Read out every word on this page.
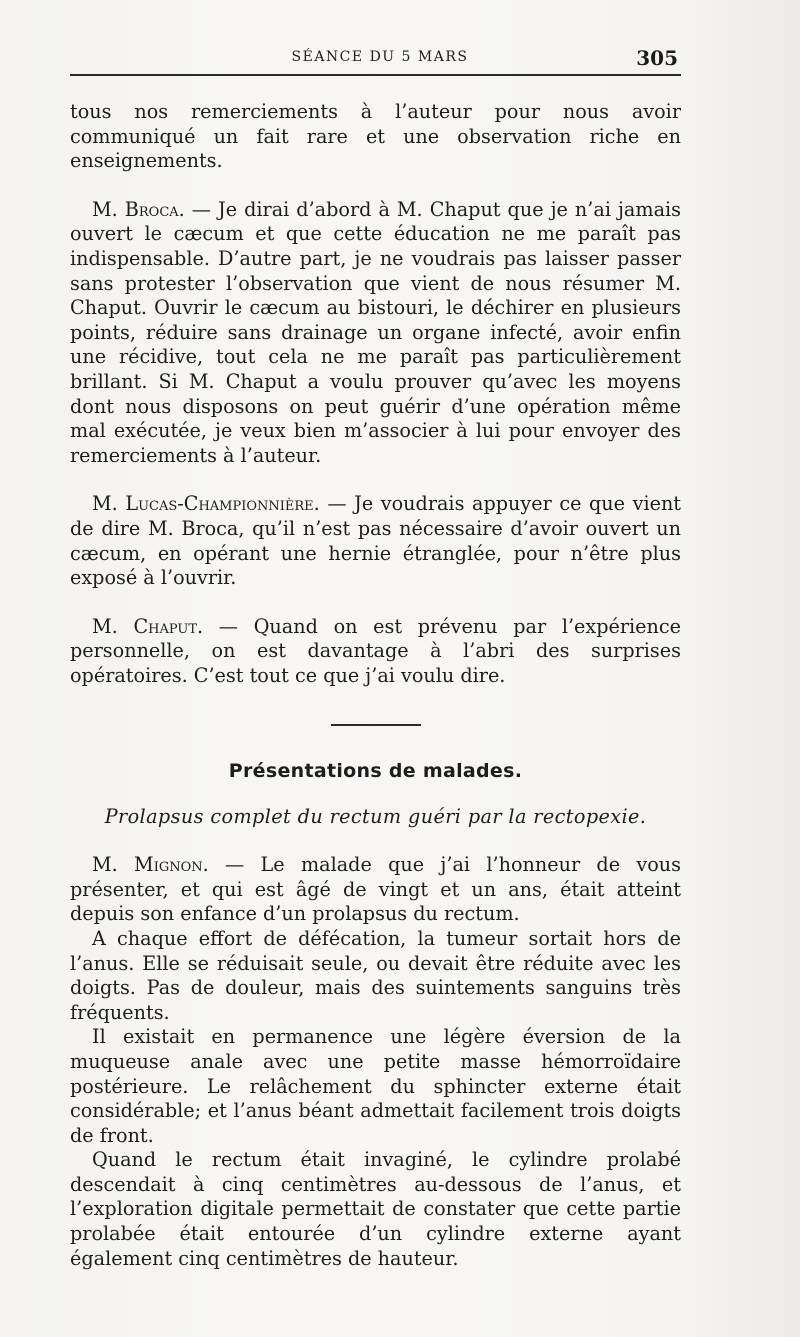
SÉANCE DU 5 MARS	305

tous nos remerciements à l’auteur pour nous avoir communiqué un fait rare et une observation riche en enseignements.

M. Broca. — Je dirai d’abord à M. Chaput que je n’ai jamais ouvert le cæcum et que cette éducation ne me paraît pas indispensable. D’autre part, je ne voudrais pas laisser passer sans protester l’observation que vient de nous résumer M. Chaput. Ouvrir le cæcum au bistouri, le déchirer en plusieurs points, réduire sans drainage un organe infecté, avoir enfin une récidive, tout cela ne me paraît pas particulièrement brillant. Si M. Chaput a voulu prouver qu’avec les moyens dont nous disposons on peut guérir d’une opération même mal exécutée, je veux bien m’associer à lui pour envoyer des remerciements à l’auteur.

M. Lucas-Championnière. — Je voudrais appuyer ce que vient de dire M. Broca, qu’il n’est pas nécessaire d’avoir ouvert un cæcum, en opérant une hernie étranglée, pour n’être plus exposé à l’ouvrir.

M. Chaput. — Quand on est prévenu par l’expérience personnelle, on est davantage à l’abri des surprises opératoires. C’est tout ce que j’ai voulu dire.

Présentations de malades.

Prolapsus complet du rectum guéri par la rectopexie.

M. Mignon. — Le malade que j’ai l’honneur de vous présenter, et qui est âgé de vingt et un ans, était atteint depuis son enfance d’un prolapsus du rectum.

A chaque effort de défécation, la tumeur sortait hors de l’anus. Elle se réduisait seule, ou devait être réduite avec les doigts. Pas de douleur, mais des suintements sanguins très fréquents.

Il existait en permanence une légère éversion de la muqueuse anale avec une petite masse hémorroïdaire postérieure. Le relâchement du sphincter externe était considérable; et l’anus béant admettait facilement trois doigts de front.

Quand le rectum était invaginé, le cylindre prolabé descendait à cinq centimètres au-dessous de l’anus, et l’exploration digitale permettait de constater que cette partie prolabée était entourée d’un cylindre externe ayant également cinq centimètres de hauteur.
